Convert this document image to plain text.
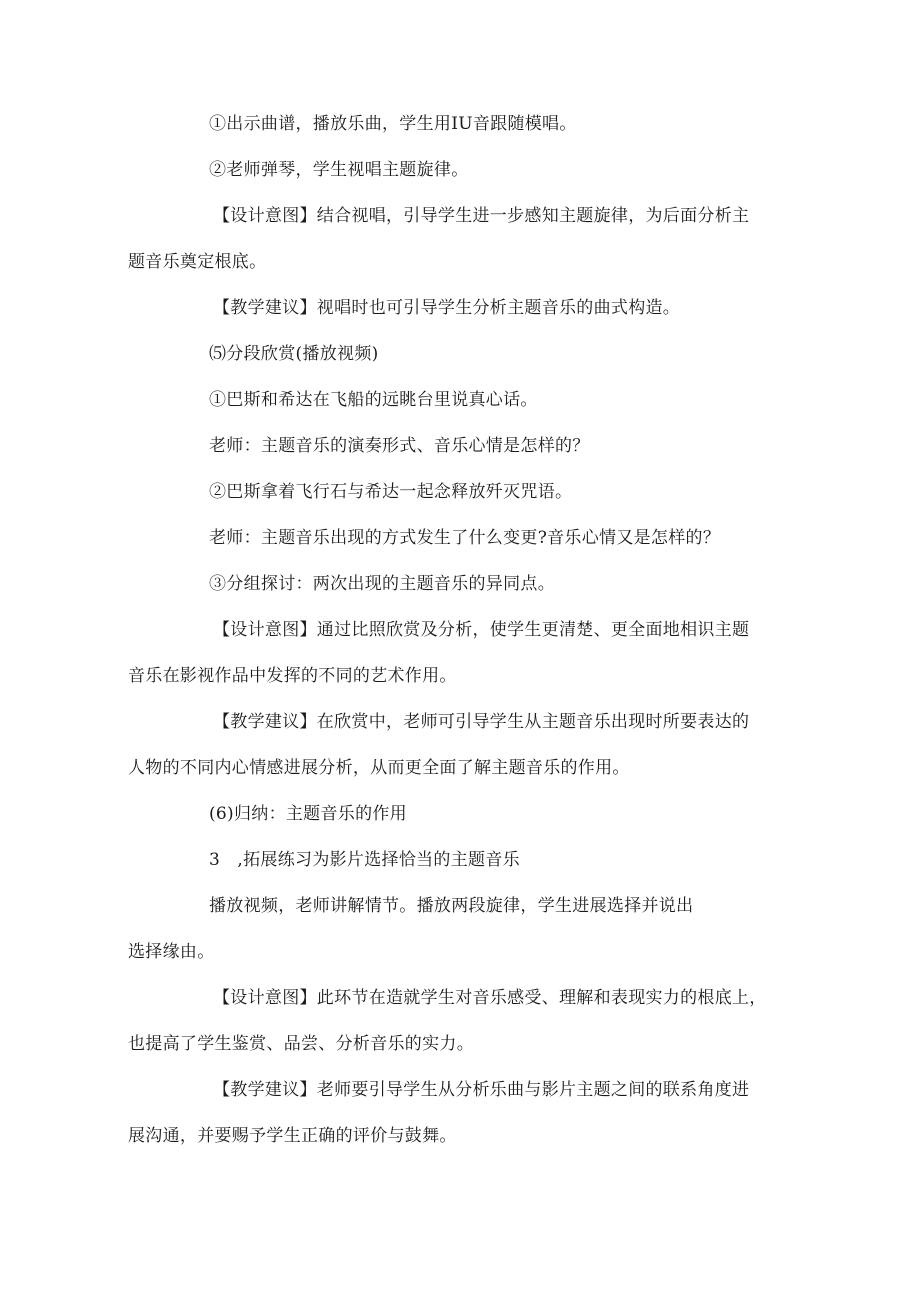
①出示曲谱，播放乐曲，学生用IU音跟随模唱。
②老师弹琴，学生视唱主题旋律。
【设计意图】结合视唱，引导学生进一步感知主题旋律，为后面分析主
题音乐奠定根底。
【教学建议】视唱时也可引导学生分析主题音乐的曲式构造。
⑸分段欣赏(播放视频)
①巴斯和希达在飞船的远眺台里说真心话。
老师：主题音乐的演奏形式、音乐心情是怎样的？
②巴斯拿着飞行石与希达一起念释放歼灭咒语。
老师：主题音乐出现的方式发生了什么变更?音乐心情又是怎样的？
③分组探讨：两次出现的主题音乐的异同点。
【设计意图】通过比照欣赏及分析，使学生更清楚、更全面地相识主题
音乐在影视作品中发挥的不同的艺术作用。
【教学建议】在欣赏中，老师可引导学生从主题音乐出现时所要表达的
人物的不同内心情感进展分析，从而更全面了解主题音乐的作用。
(6)归纳：主题音乐的作用
3 ,拓展练习为影片选择恰当的主题音乐
播放视频，老师讲解情节。播放两段旋律，学生进展选择并说出
选择缘由。
【设计意图】此环节在造就学生对音乐感受、理解和表现实力的根底上，
也提高了学生鉴赏、品尝、分析音乐的实力。
【教学建议】老师要引导学生从分析乐曲与影片主题之间的联系角度进
展沟通，并要赐予学生正确的评价与鼓舞。
